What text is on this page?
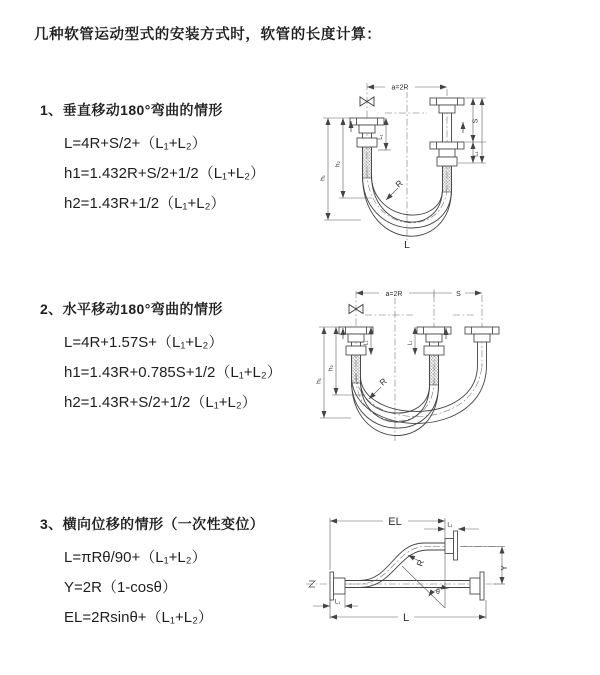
几种软管运动型式的安装方式时，软管的长度计算：
1、垂直移动180°弯曲的情形
L=4R+S/2+（L₁+L₂）
h1=1.432R+S/2+1/2（L₁+L₂）
h2=1.43R+1/2（L₁+L₂）
2、水平移动180°弯曲的情形
L=4R+1.57S+（L₁+L₂）
h1=1.43R+0.785S+1/2（L₁+L₂）
h2=1.43R+S/2+1/2（L₁+L₂）
3、横向位移的情形（一次性变位）
L=πRθ/90+（L₁+L₂）
Y=2R（1-cosθ）
EL=2Rsinθ+（L₁+L₂）
a=2R
h₁
h₂
L₁
S
L₁
R
L
a=2R	S
h₁
h₂
L₁	L₁
R
EL	L₁
Y
θ
R
L₁
L
